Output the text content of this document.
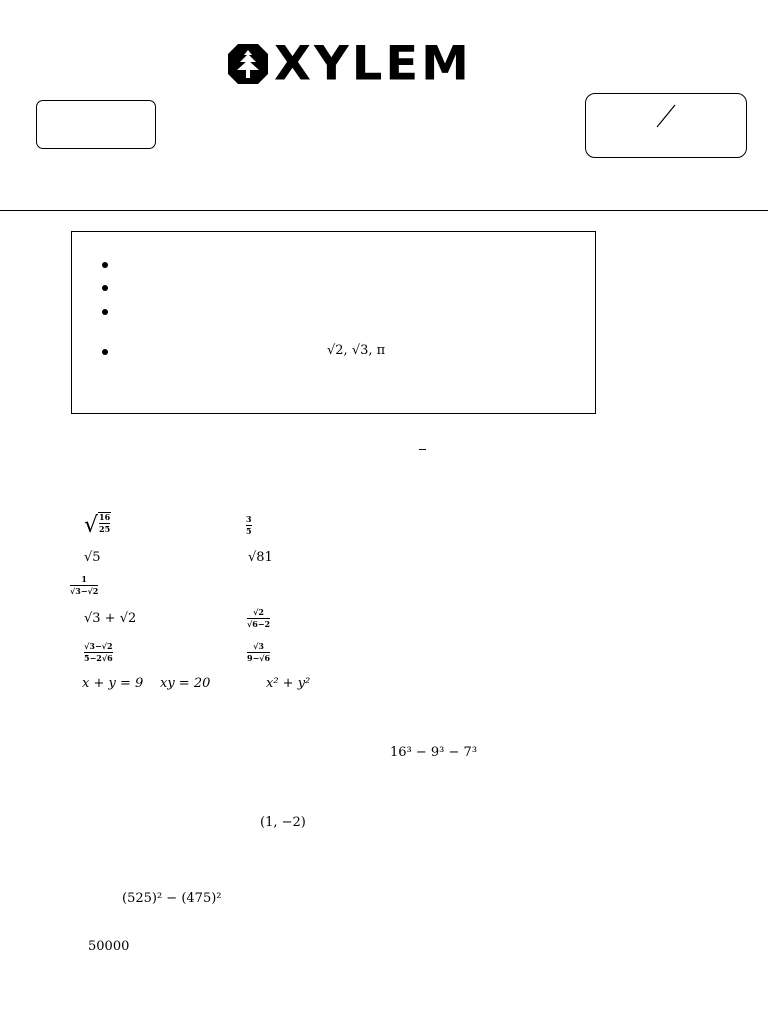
XYLEM
√2, √3, π
√ $\frac{16}{25}$	$\frac{3}{5}$
√5	√81
$\frac{1}{√3-√2}$
√3 + √2	$\frac{√2}{√6-2}$
$\frac{√3-√2}{5-2√6}$	$\frac{√3}{9-√6}$
x + y = 9 xy = 20	x² + y²
16³ − 9³ − 7³
(1, −2)
(525)² − (475)²
50000
